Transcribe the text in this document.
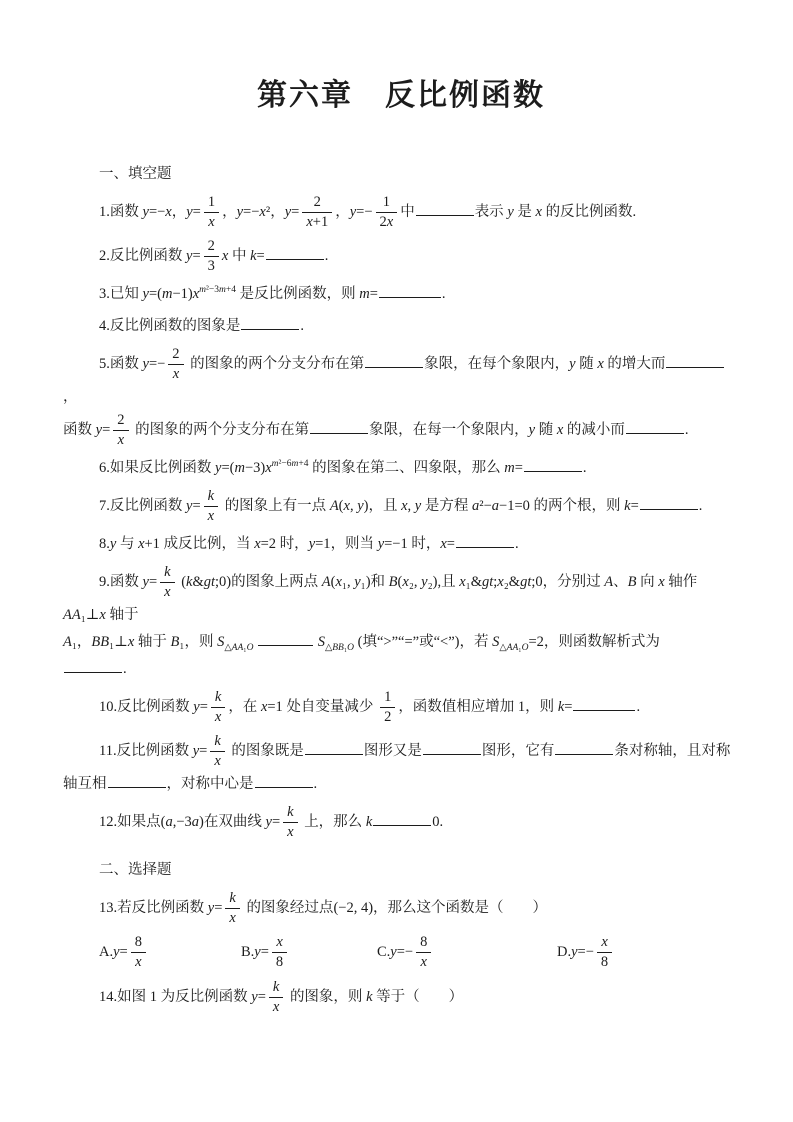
第六章　反比例函数
一、填空题
1.函数 y=−x，$y= \frac{1}{x}$ ，y=−x²，$y= \frac{2}{x+1}$ ，$y=- \frac{1}{2x}$ 中	表示 y 是 x 的反比例函数.
2.反比例函数 $y= \frac{2}{3}$ x 中 k=	.
3.已知 $y=(m-1)x^{m^2-3m+4}$ 是反比例函数，则 m=	.
4.反比例函数的图象是	.
5.函数 $y=- \frac{2}{x}$ 的图象的两个分支分布在第	象限，在每个象限内，y 随 x 的增大而，
函数 $y= \frac{2}{x}$ 的图象的两个分支分布在第	象限，在每一个象限内，y 随 x 的减小而	.
6.如果反比例函数 $y=(m-3)x^{m^2-6m+4}$ 的图象在第二、四象限，那么 m=	.
7.反比例函数 $y= \frac{k}{x}$ 的图象上有一点 A(x, y)，且 x, y 是方程 a²−a−1=0 的两个根，则 k=	.
8.y 与 x+1 成反比例，当 x=2 时，y=1，则当 y=−1 时，x=	.
9.函数 $y= \frac{k}{x}$ (k&gt;0)的图象上两点 A(x₁, y₁)和 B(x₂, y₂),且 x₁&gt;x₂&gt;0，分别过 A、B 向 x 轴作 AA₁⊥x 轴于
A₁，BB₁⊥x 轴于 B₁，则 $S_{\triangle AA_1O}$	$S_{\triangle BB_1O}$ (填“>”“=”或“<”)，若 $S_{\triangle AA_1O}=2$，则函数解析式为
.
10.反比例函数 $y= \frac{k}{x}$ ，在 x=1 处自变量减少 $\frac{1}{2}$ ，函数值相应增加 1，则 k=	.
11.反比例函数 $y= \frac{k}{x}$ 的图象既是	图形又是	图形，它有	条对称轴，且对称
轴互相	，对称中心是	.
12.如果点(a,−3a)在双曲线 $y= \frac{k}{x}$ 上，那么 k	0.
二、选择题
13.若反比例函数 $y= \frac{k}{x}$ 的图象经过点(−2, 4)，那么这个函数是（　　）
$A.y= \frac{8}{x}$	$B.y= \frac{x}{8}$	$C.y=- \frac{8}{x}$	$D.y=- \frac{x}{8}$
14.如图 1 为反比例函数 $y= \frac{k}{x}$ 的图象，则 k 等于（　　）
